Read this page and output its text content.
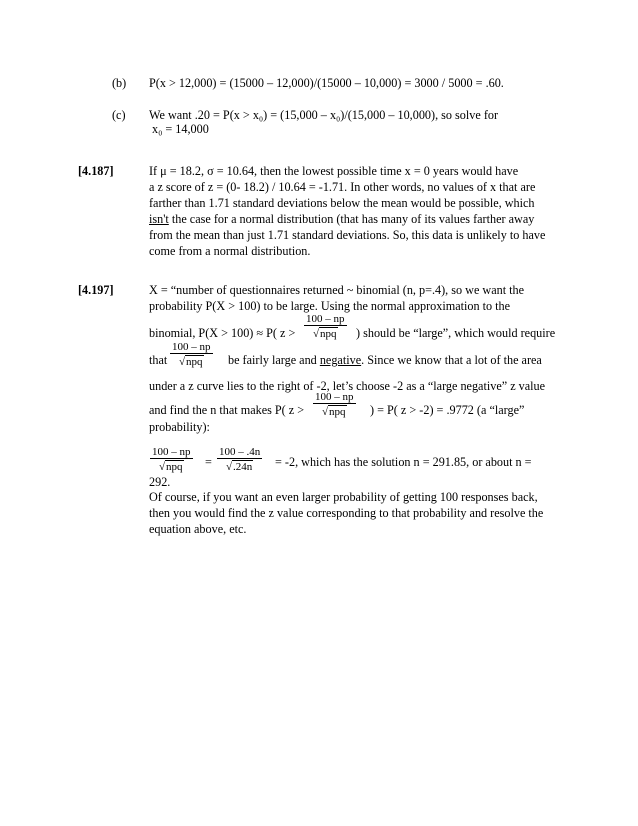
(b) P(x > 12,000) = (15000 – 12,000)/(15000 – 10,000) = 3000 / 5000 = .60.
(c) We want .20 = P(x > x₀) = (15,000 – x₀)/(15,000 – 10,000), so solve for
x₀ = 14,000
[4.187]	If μ = 18.2, σ = 10.64, then the lowest possible time x = 0 years would have
a z score of z = (0- 18.2) / 10.64 = -1.71. In other words, no values of x that are
farther than 1.71 standard deviations below the mean would be possible, which
isn't the case for a normal distribution (that has many of its values farther away
from the mean than just 1.71 standard deviations. So, this data is unlikely to have
come from a normal distribution.
[4.197]	X = “number of questionnaires returned ~ binomial (n, p=.4), so we want the
probability P(X > 100) to be large. Using the normal approximation to the
binomial, P(X > 100) ≈ P( z >
100 – np
√npq	) should be “large”, which would require
that
100 – np
√npq	be fairly large and negative. Since we know that a lot of the area
under a z curve lies to the right of -2, let’s choose -2 as a “large negative” z value
and find the n that makes P( z >
100 – np
√npq	) = P( z > -2) = .9772 (a “large”
probability):
100 – np
√npq	= $\frac{100 - .4n}{√.24n} = -2$, which has the solution n = 291.85, or about n =
292.
Of course, if you want an even larger probability of getting 100 responses back,
then you would find the z value corresponding to that probability and resolve the
equation above, etc.
